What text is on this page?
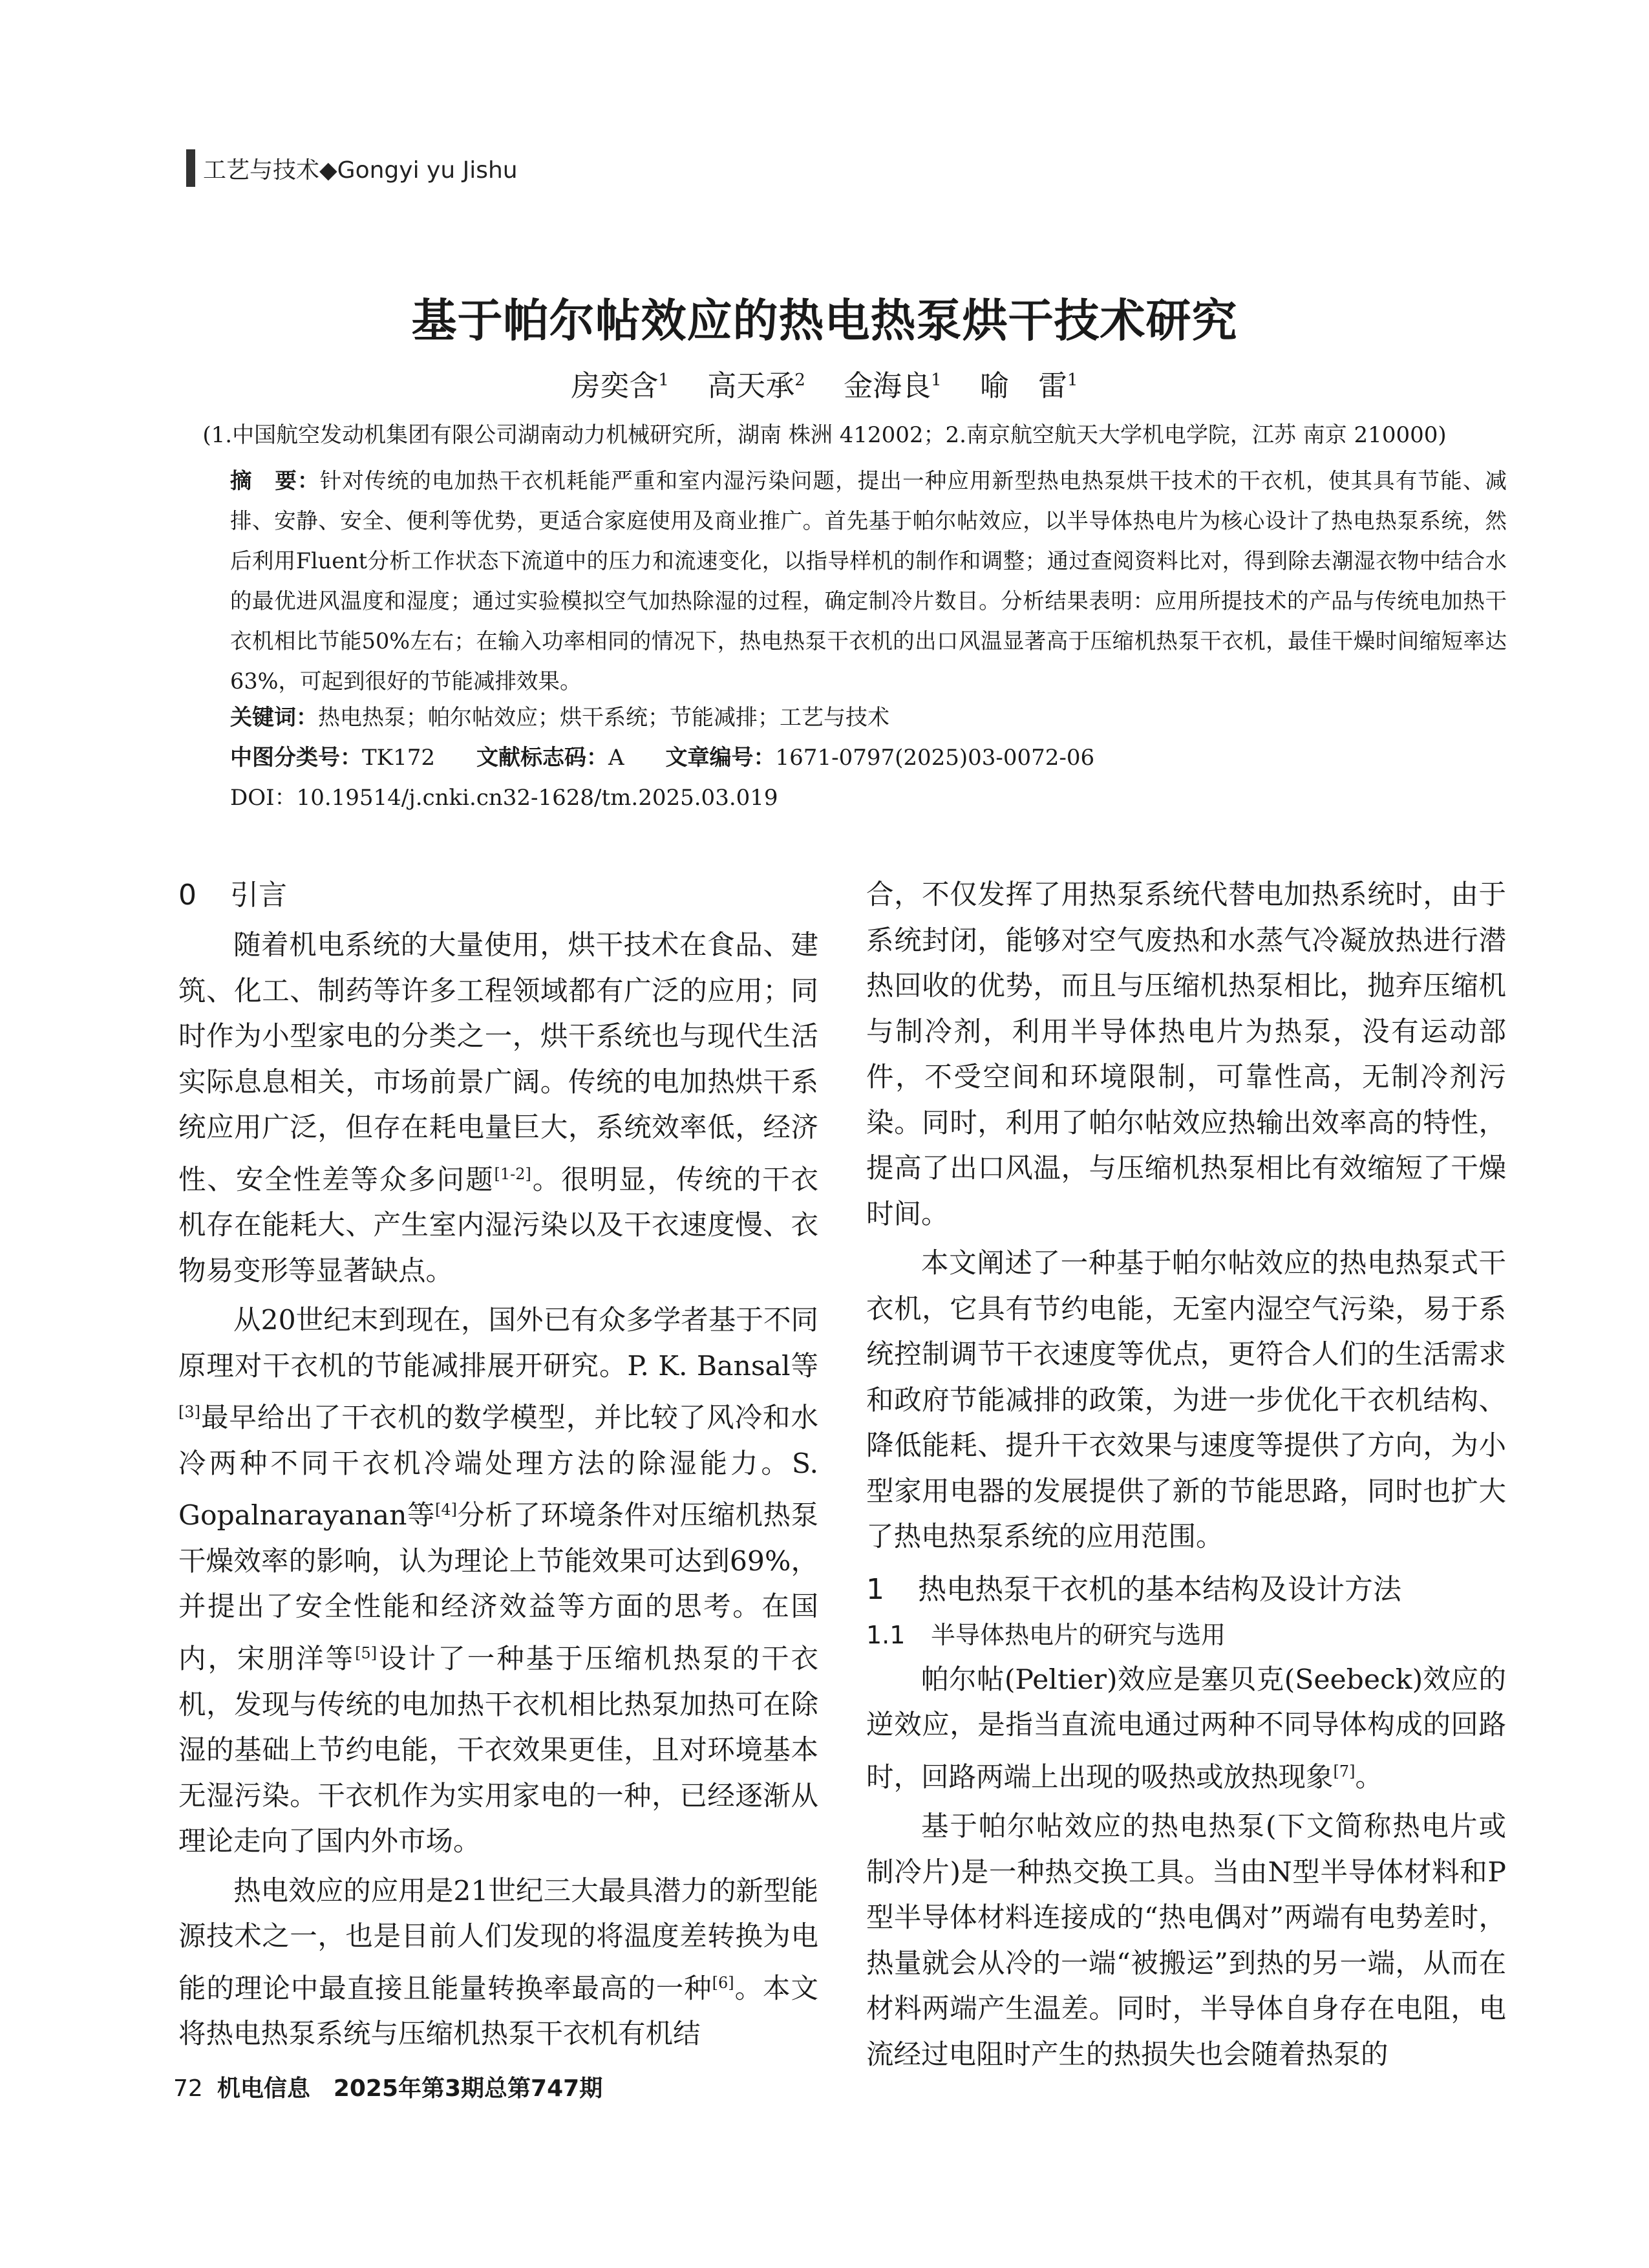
工艺与技术◆Gongyi yu Jishu
基于帕尔帖效应的热电热泵烘干技术研究
房奕含$^1$  高天承$^2$  金海良$^1$  喻　雷$^1$
(1.中国航空发动机集团有限公司湖南动力机械研究所，湖南 株洲 412002；2.南京航空航天大学机电学院，江苏 南京 210000)
摘　要：针对传统的电加热干衣机耗能严重和室内湿污染问题，提出一种应用新型热电热泵烘干技术的干衣机，使其具有节能、减排、安静、安全、便利等优势，更适合家庭使用及商业推广。首先基于帕尔帖效应，以半导体热电片为核心设计了热电热泵系统，然后利用Fluent分析工作状态下流道中的压力和流速变化，以指导样机的制作和调整；通过查阅资料比对，得到除去潮湿衣物中结合水的最优进风温度和湿度；通过实验模拟空气加热除湿的过程，确定制冷片数目。分析结果表明：应用所提技术的产品与传统电加热干衣机相比节能50%左右；在输入功率相同的情况下，热电热泵干衣机的出口风温显著高于压缩机热泵干衣机，最佳干燥时间缩短率达63%，可起到很好的节能减排效果。
关键词：热电热泵；帕尔帖效应；烘干系统；节能减排；工艺与技术
中图分类号：TK172 文献标志码：A 文章编号：1671-0797(2025)03-0072-06
DOI：10.19514/j.cnki.cn32-1628/tm.2025.03.019
0 引言

随着机电系统的大量使用，烘干技术在食品、建筑、化工、制药等许多工程领域都有广泛的应用；同时作为小型家电的分类之一，烘干系统也与现代生活实际息息相关，市场前景广阔。传统的电加热烘干系统应用广泛，但存在耗电量巨大，系统效率低，经济性、安全性差等众多问题[1-2]。很明显，传统的干衣机存在能耗大、产生室内湿污染以及干衣速度慢、衣物易变形等显著缺点。

从20世纪末到现在，国外已有众多学者基于不同原理对干衣机的节能减排展开研究。P. K. Bansal等[3]最早给出了干衣机的数学模型，并比较了风冷和水冷两种不同干衣机冷端处理方法的除湿能力。S. Gopalnarayanan等[4]分析了环境条件对压缩机热泵干燥效率的影响，认为理论上节能效果可达到69%，并提出了安全性能和经济效益等方面的思考。在国内，宋朋洋等[5]设计了一种基于压缩机热泵的干衣机，发现与传统的电加热干衣机相比热泵加热可在除湿的基础上节约电能，干衣效果更佳，且对环境基本无湿污染。干衣机作为实用家电的一种，已经逐渐从理论走向了国内外市场。

热电效应的应用是21世纪三大最具潜力的新型能源技术之一，也是目前人们发现的将温度差转换为电能的理论中最直接且能量转换率最高的一种[6]。本文将热电热泵系统与压缩机热泵干衣机有机结

合，不仅发挥了用热泵系统代替电加热系统时，由于系统封闭，能够对空气废热和水蒸气冷凝放热进行潜热回收的优势，而且与压缩机热泵相比，抛弃压缩机与制冷剂，利用半导体热电片为热泵，没有运动部件，不受空间和环境限制，可靠性高，无制冷剂污染。同时，利用了帕尔帖效应热输出效率高的特性，提高了出口风温，与压缩机热泵相比有效缩短了干燥时间。

本文阐述了一种基于帕尔帖效应的热电热泵式干衣机，它具有节约电能，无室内湿空气污染，易于系统控制调节干衣速度等优点，更符合人们的生活需求和政府节能减排的政策，为进一步优化干衣机结构、降低能耗、提升干衣效果与速度等提供了方向，为小型家用电器的发展提供了新的节能思路，同时也扩大了热电热泵系统的应用范围。

1 热电热泵干衣机的基本结构及设计方法
1.1 半导体热电片的研究与选用

帕尔帖(Peltier)效应是塞贝克(Seebeck)效应的逆效应，是指当直流电通过两种不同导体构成的回路时，回路两端上出现的吸热或放热现象[7]。

基于帕尔帖效应的热电热泵(下文简称热电片或制冷片)是一种热交换工具。当由N型半导体材料和P型半导体材料连接成的“热电偶对”两端有电势差时，热量就会从冷的一端“被搬运”到热的另一端，从而在材料两端产生温差。同时，半导体自身存在电阻，电流经过电阻时产生的热损失也会随着热泵的

72 机电信息　2025年第3期总第747期
